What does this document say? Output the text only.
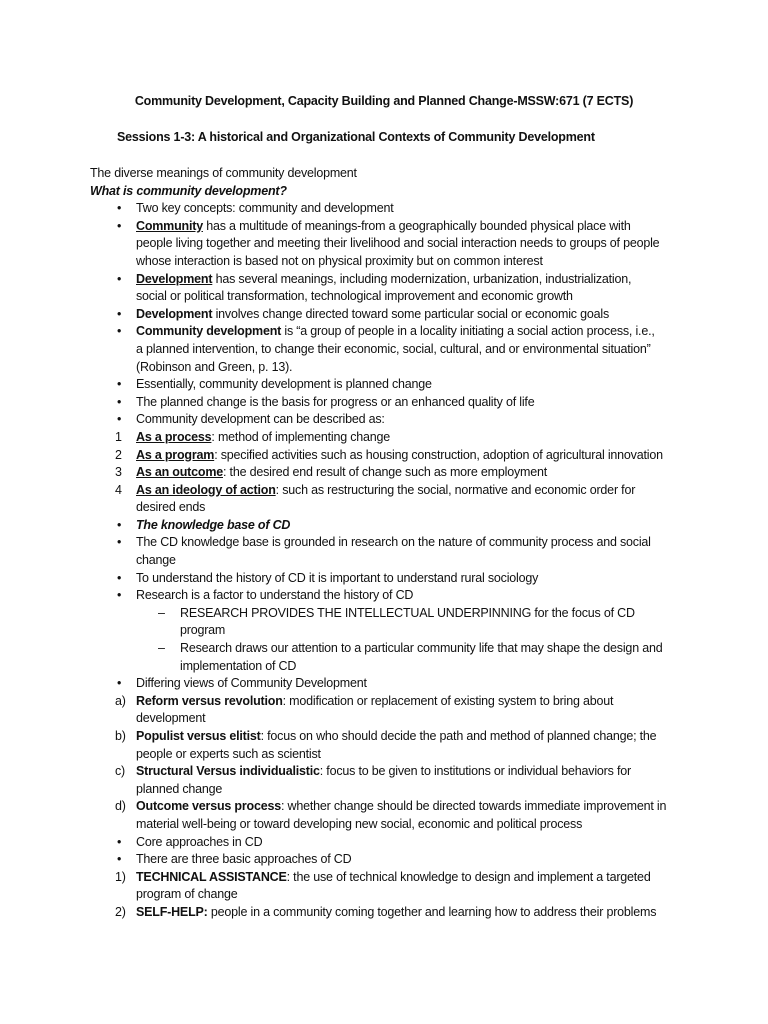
Community Development, Capacity Building and Planned Change-MSSW:671 (7 ECTS)
Sessions 1-3: A historical and Organizational Contexts of Community Development
The diverse meanings of community development
What is community development?
• Two key concepts: community and development
• Community has a multitude of meanings-from a geographically bounded physical place with
people living together and meeting their livelihood and social interaction needs to groups of people
whose interaction is based not on physical proximity but on common interest
• Development has several meanings, including modernization, urbanization, industrialization,
social or political transformation, technological improvement and economic growth
• Development involves change directed toward some particular social or economic goals
• Community development is “a group of people in a locality initiating a social action process, i.e.,
a planned intervention, to change their economic, social, cultural, and or environmental situation”
(Robinson and Green, p. 13).
• Essentially, community development is planned change
• The planned change is the basis for progress or an enhanced quality of life
• Community development can be described as:
1 As a process: method of implementing change
2 As a program: specified activities such as housing construction, adoption of agricultural innovation
3 As an outcome: the desired end result of change such as more employment
4 As an ideology of action: such as restructuring the social, normative and economic order for
desired ends
• The knowledge base of CD
• The CD knowledge base is grounded in research on the nature of community process and social
change
• To understand the history of CD it is important to understand rural sociology
• Research is a factor to understand the history of CD
– RESEARCH PROVIDES THE INTELLECTUAL UNDERPINNING for the focus of CD
program
– Research draws our attention to a particular community life that may shape the design and
implementation of CD
• Differing views of Community Development
a) Reform versus revolution: modification or replacement of existing system to bring about
development
b) Populist versus elitist: focus on who should decide the path and method of planned change; the
people or experts such as scientist
c) Structural Versus individualistic: focus to be given to institutions or individual behaviors for
planned change
d) Outcome versus process: whether change should be directed towards immediate improvement in
material well-being or toward developing new social, economic and political process
• Core approaches in CD
• There are three basic approaches of CD
1) TECHNICAL ASSISTANCE: the use of technical knowledge to design and implement a targeted
program of change
2) SELF-HELP: people in a community coming together and learning how to address their problems
